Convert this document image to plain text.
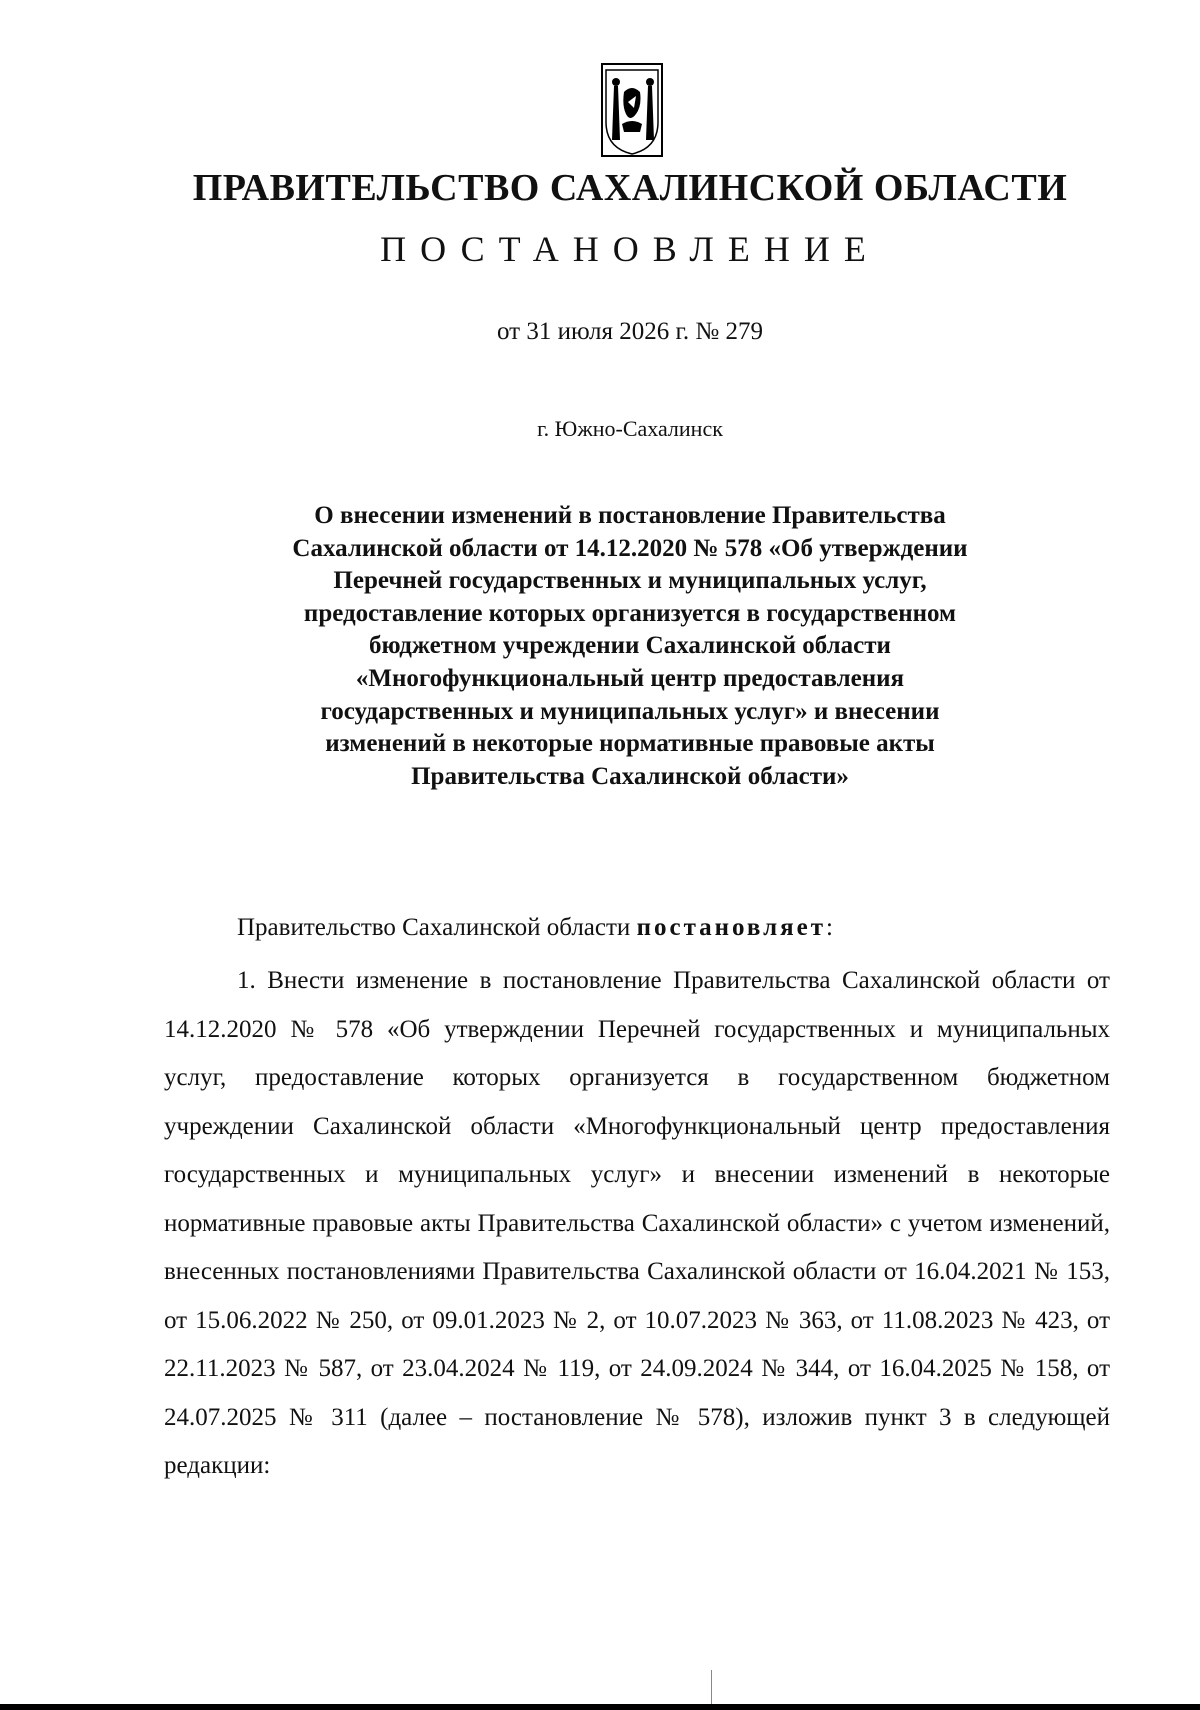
ПРАВИТЕЛЬСТВО САХАЛИНСКОЙ ОБЛАСТИ
ПОСТАНОВЛЕНИЕ
от 31 июля 2026 г. № 279
г. Южно-Сахалинск
О внесении изменений в постановление Правительства Сахалинской области от 14.12.2020 № 578 «Об утверждении Перечней государственных и муниципальных услуг, предоставление которых организуется в государственном бюджетном учреждении Сахалинской области «Многофункциональный центр предоставления государственных и муниципальных услуг» и внесении изменений в некоторые нормативные правовые акты Правительства Сахалинской области»
Правительство Сахалинской области постановляет:
1. Внести изменение в постановление Правительства Сахалинской области от 14.12.2020 № 578 «Об утверждении Перечней государственных и муниципальных услуг, предоставление которых организуется в государственном бюджетном учреждении Сахалинской области «Многофункциональный центр предоставления государственных и муниципальных услуг» и внесении изменений в некоторые нормативные правовые акты Правительства Сахалинской области» с учетом изменений, внесенных постановлениями Правительства Сахалинской области от 16.04.2021 № 153, от 15.06.2022 № 250, от 09.01.2023 № 2, от 10.07.2023 № 363, от 11.08.2023 № 423, от 22.11.2023 № 587, от 23.04.2024 № 119, от 24.09.2024 № 344, от 16.04.2025 № 158, от 24.07.2025 № 311 (далее – постановление № 578), изложив пункт 3 в следующей редакции:
